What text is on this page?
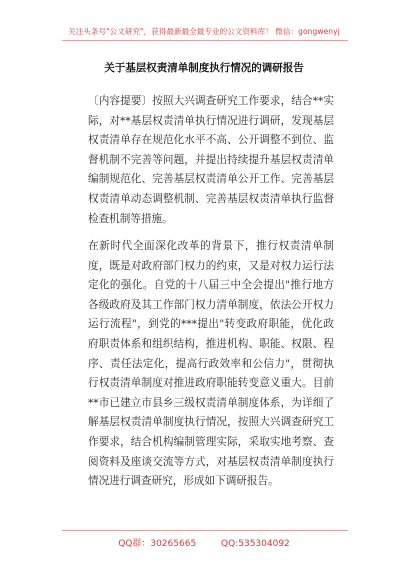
关注头条号"公文研究"，获得最新最全最专业的公文资料库！ 微信：gongwenyj
关于基层权责清单制度执行情况的调研报告

〔内容提要〕按照大兴调查研究工作要求，结合**实际，对**基层权责清单执行情况进行调研，发现基层权责清单存在规范化水平不高、公开调整不到位、监督机制不完善等问题，并提出持续提升基层权责清单编制规范化、完善基层权责清单公开工作、完善基层权责清单动态调整机制、完善基层权责清单执行监督检查机制等措施。

在新时代全面深化改革的背景下，推行权责清单制度，既是对政府部门权力的约束，又是对权力运行法定化的强化。自党的十八届三中全会提出"推行地方各级政府及其工作部门权力清单制度，依法公开权力运行流程"，到党的***提出"转变政府职能，优化政府职责体系和组织结构，推进机构、职能、权限、程序、责任法定化，提高行政效率和公信力"，贯彻执行权责清单制度对推进政府职能转变意义重大。目前**市已建立市县乡三级权责清单制度体系，为详细了解基层权责清单制度执行情况，按照大兴调查研究工作要求，结合机构编制管理实际，采取实地考察、查阅资料及座谈交流等方式，对基层权责清单制度执行情况进行调查研究，形成如下调研报告。

QQ群：30265665	QQ:535304092
